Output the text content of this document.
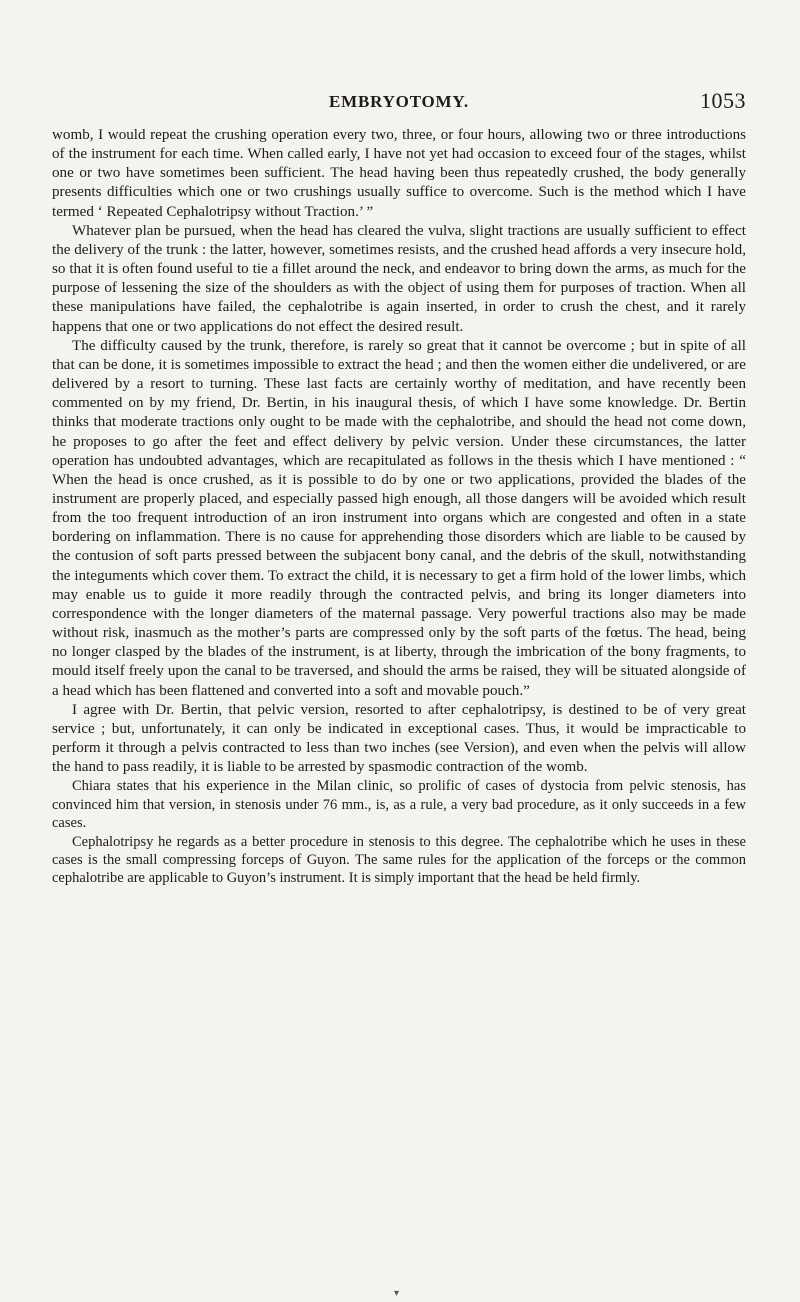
EMBRYOTOMY.	1053

womb, I would repeat the crushing operation every two, three, or four hours, allowing two or three introductions of the instrument for each time. When called early, I have not yet had occasion to exceed four of the stages, whilst one or two have sometimes been sufficient. The head having been thus repeatedly crushed, the body generally presents difficulties which one or two crushings usually suffice to overcome. Such is the method which I have termed ‘ Repeated Cephalotripsy without Traction.’ ”

Whatever plan be pursued, when the head has cleared the vulva, slight tractions are usually sufficient to effect the delivery of the trunk : the latter, however, sometimes resists, and the crushed head affords a very insecure hold, so that it is often found useful to tie a fillet around the neck, and endeavor to bring down the arms, as much for the purpose of lessening the size of the shoulders as with the object of using them for purposes of traction. When all these manipulations have failed, the cephalotribe is again inserted, in order to crush the chest, and it rarely happens that one or two applications do not effect the desired result.

The difficulty caused by the trunk, therefore, is rarely so great that it cannot be overcome ; but in spite of all that can be done, it is sometimes impossible to extract the head ; and then the women either die undelivered, or are delivered by a resort to turning. These last facts are certainly worthy of meditation, and have recently been commented on by my friend, Dr. Bertin, in his inaugural thesis, of which I have some knowledge. Dr. Bertin thinks that moderate tractions only ought to be made with the cephalotribe, and should the head not come down, he proposes to go after the feet and effect delivery by pelvic version. Under these circumstances, the latter operation has undoubted advantages, which are recapitulated as follows in the thesis which I have mentioned : “ When the head is once crushed, as it is possible to do by one or two applications, provided the blades of the instrument are properly placed, and especially passed high enough, all those dangers will be avoided which result from the too frequent introduction of an iron instrument into organs which are congested and often in a state bordering on inflammation. There is no cause for apprehending those disorders which are liable to be caused by the contusion of soft parts pressed between the subjacent bony canal, and the debris of the skull, notwithstanding the integuments which cover them. To extract the child, it is necessary to get a firm hold of the lower limbs, which may enable us to guide it more readily through the contracted pelvis, and bring its longer diameters into correspondence with the longer diameters of the maternal passage. Very powerful tractions also may be made without risk, inasmuch as the mother’s parts are compressed only by the soft parts of the fœtus. The head, being no longer clasped by the blades of the instrument, is at liberty, through the imbrication of the bony fragments, to mould itself freely upon the canal to be traversed, and should the arms be raised, they will be situated alongside of a head which has been flattened and converted into a soft and movable pouch.”

I agree with Dr. Bertin, that pelvic version, resorted to after cephalotripsy, is destined to be of very great service ; but, unfortunately, it can only be indicated in exceptional cases. Thus, it would be impracticable to perform it through a pelvis contracted to less than two inches (see Version), and even when the pelvis will allow the hand to pass readily, it is liable to be arrested by spasmodic contraction of the womb.

Chiara states that his experience in the Milan clinic, so prolific of cases of dystocia from pelvic stenosis, has convinced him that version, in stenosis under 76 mm., is, as a rule, a very bad procedure, as it only succeeds in a few cases.

Cephalotripsy he regards as a better procedure in stenosis to this degree. The cephalotribe which he uses in these cases is the small compressing forceps of Guyon. The same rules for the application of the forceps or the common cephalotribe are applicable to Guyon’s instrument. It is simply important that the head be held firmly.

▾
